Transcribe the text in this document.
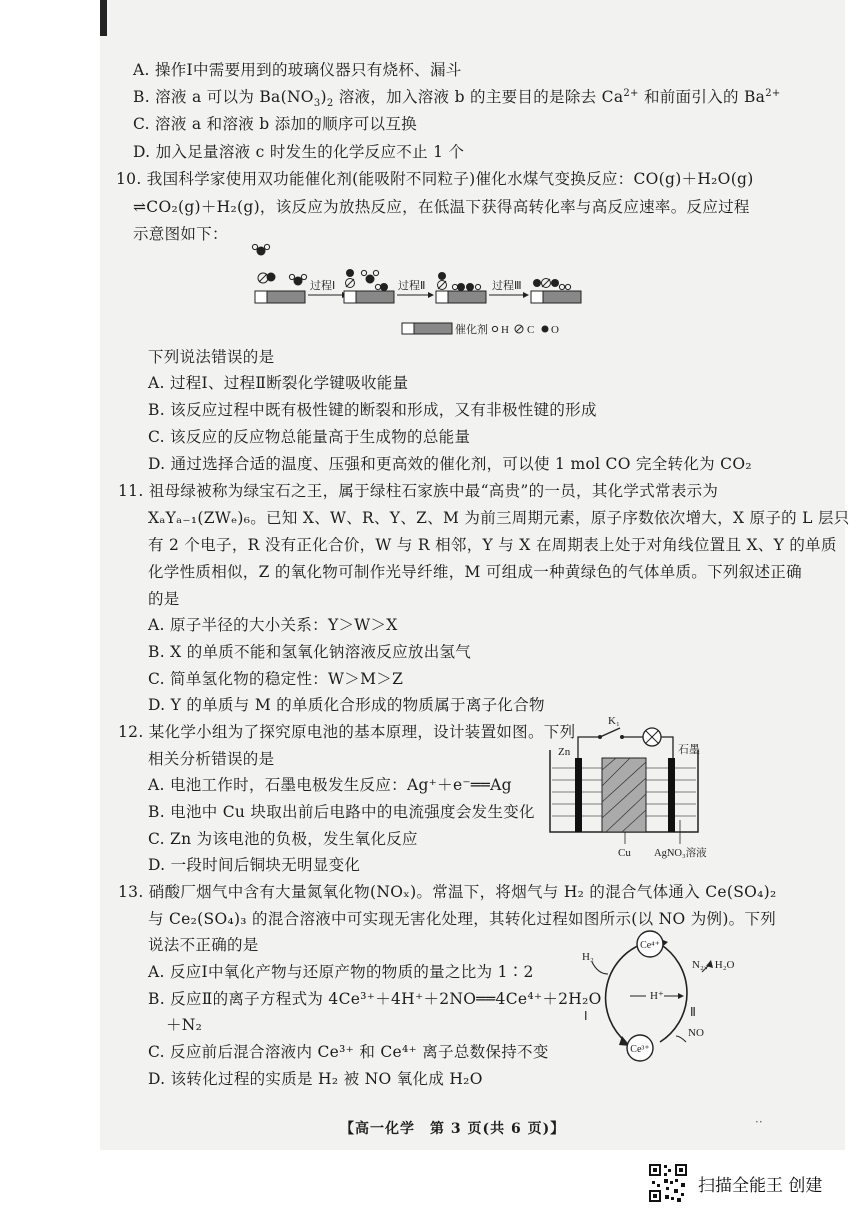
A. 操作Ⅰ中需要用到的玻璃仪器只有烧杯、漏斗
B. 溶液 a 可以为 $Ba(NO_3)_2$ 溶液，加入溶液 b 的主要目的是除去 $Ca^{2+}$ 和前面引入的 $Ba^{2+}$
C. 溶液 a 和溶液 b 添加的顺序可以互换
D. 加入足量溶液 c 时发生的化学反应不止 1 个
10. 我国科学家使用双功能催化剂(能吸附不同粒子)催化水煤气变换反应：CO(g)＋H₂O(g)
⇌CO₂(g)＋H₂(g)，该反应为放热反应，在低温下获得高转化率与高反应速率。反应过程
示意图如下：
过程Ⅰ	过程Ⅱ	过程Ⅲ
催化剂 H C O
下列说法错误的是
A. 过程Ⅰ、过程Ⅱ断裂化学键吸收能量
B. 该反应过程中既有极性键的断裂和形成，又有非极性键的形成
C. 该反应的反应物总能量高于生成物的总能量
D. 通过选择合适的温度、压强和更高效的催化剂，可以使 1 mol CO 完全转化为 CO₂
11. 祖母绿被称为绿宝石之王，属于绿柱石家族中最“高贵”的一员，其化学式常表示为
XₐYₐ₋₁(ZWₑ)₆。已知 X、W、R、Y、Z、M 为前三周期元素，原子序数依次增大，X 原子的 L 层只
有 2 个电子，R 没有正化合价，W 与 R 相邻，Y 与 X 在周期表上处于对角线位置且 X、Y 的单质
化学性质相似，Z 的氧化物可制作光导纤维，M 可组成一种黄绿色的气体单质。下列叙述正确
的是
A. 原子半径的大小关系：Y＞W＞X
B. X 的单质不能和氢氧化钠溶液反应放出氢气
C. 简单氢化物的稳定性：W＞M＞Z
D. Y 的单质与 M 的单质化合形成的物质属于离子化合物
12. 某化学小组为了探究原电池的基本原理，设计装置如图。下列
相关分析错误的是
A. 电池工作时，石墨电极发生反应：Ag⁺＋e⁻══Ag
B. 电池中 Cu 块取出前后电路中的电流强度会发生变化
C. Zn 为该电池的负极，发生氧化反应
D. 一段时间后铜块无明显变化
K₁
Zn	石墨
Cu AgNO₃溶液
13. 硝酸厂烟气中含有大量氮氧化物(NOₓ)。常温下，将烟气与 H₂ 的混合气体通入 Ce(SO₄)₂
与 Ce₂(SO₄)₃ 的混合溶液中可实现无害化处理，其转化过程如图所示(以 NO 为例)。下列
说法不正确的是
A. 反应Ⅰ中氧化产物与还原产物的物质的量之比为 1∶2
B. 反应Ⅱ的离子方程式为 4Ce³⁺＋4H⁺＋2NO══4Ce⁴⁺＋2H₂O
＋N₂
C. 反应前后混合溶液内 Ce³⁺ 和 Ce⁴⁺ 离子总数保持不变
D. 该转化过程的实质是 H₂ 被 NO 氧化成 H₂O
Ce⁴⁺
Ce³⁺
H₂
N₂、H₂O
H⁺
Ⅰ	Ⅱ
NO
【高一化学　第 3 页(共 6 页)】	··
扫描全能王 创建
